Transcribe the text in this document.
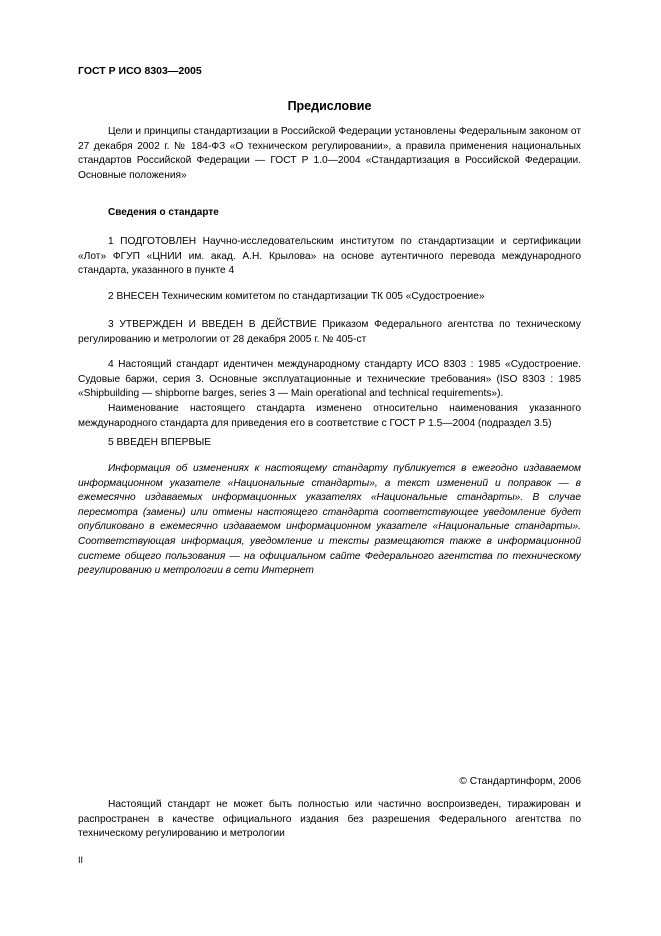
ГОСТ Р ИСО 8303—2005
Предисловие

Цели и принципы стандартизации в Российской Федерации установлены Федеральным законом от 27 декабря 2002 г. № 184-ФЗ «О техническом регулировании», а правила применения национальных стандартов Российской Федерации — ГОСТ Р 1.0—2004 «Стандартизация в Российской Федерации. Основные положения»

Сведения о стандарте

1 ПОДГОТОВЛЕН Научно-исследовательским институтом по стандартизации и сертификации «Лот» ФГУП «ЦНИИ им. акад. А.Н. Крылова» на основе аутентичного перевода международного стандарта, указанного в пункте 4

2 ВНЕСЕН Техническим комитетом по стандартизации ТК 005 «Судостроение»

3 УТВЕРЖДЕН И ВВЕДЕН В ДЕЙСТВИЕ Приказом Федерального агентства по техническому регулированию и метрологии от 28 декабря 2005 г. № 405-ст

4 Настоящий стандарт идентичен международному стандарту ИСО 8303 : 1985 «Судостроение. Судовые баржи, серия 3. Основные эксплуатационные и технические требования» (ISO 8303 : 1985 «Shipbuilding — shipborne barges, series 3 — Main operational and technical requirements»).

Наименование настоящего стандарта изменено относительно наименования указанного международного стандарта для приведения его в соответствие с ГОСТ Р 1.5—2004 (подраздел 3.5)

5 ВВЕДЕН ВПЕРВЫЕ

Информация об изменениях к настоящему стандарту публикуется в ежегодно издаваемом информационном указателе «Национальные стандарты», а текст изменений и поправок — в ежемесячно издаваемых информационных указателях «Национальные стандарты». В случае пересмотра (замены) или отмены настоящего стандарта соответствующее уведомление будет опубликовано в ежемесячно издаваемом информационном указателе «Национальные стандарты». Соответствующая информация, уведомление и тексты размещаются также в информационной системе общего пользования — на официальном сайте Федерального агентства по техническому регулированию и метрологии в сети Интернет

© Стандартинформ, 2006

Настоящий стандарт не может быть полностью или частично воспроизведен, тиражирован и распространен в качестве официального издания без разрешения Федерального агентства по техническому регулированию и метрологии

II
